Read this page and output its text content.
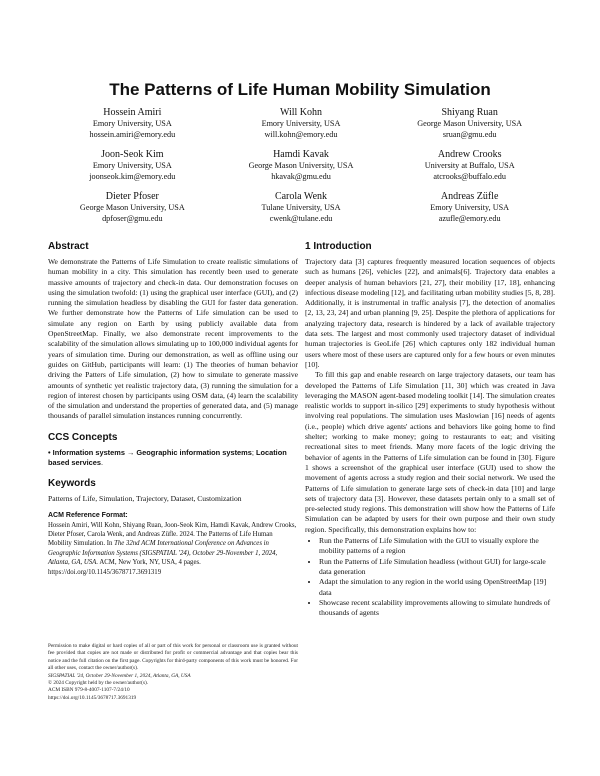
The Patterns of Life Human Mobility Simulation
Hossein Amiri
Emory University, USA
hossein.amiri@emory.edu
Will Kohn
Emory University, USA
will.kohn@emory.edu
Shiyang Ruan
George Mason University, USA
sruan@gmu.edu
Joon-Seok Kim
Emory University, USA
joonseok.kim@emory.edu
Hamdi Kavak
George Mason University, USA
hkavak@gmu.edu
Andrew Crooks
University at Buffalo, USA
atcrooks@buffalo.edu
Dieter Pfoser
George Mason University, USA
dpfoser@gmu.edu
Carola Wenk
Tulane University, USA
cwenk@tulane.edu
Andreas Züfle
Emory University, USA
azufle@emory.edu
Abstract

We demonstrate the Patterns of Life Simulation to create realistic simulations of human mobility in a city. This simulation has recently been used to generate massive amounts of trajectory and check-in data. Our demonstration focuses on using the simulation twofold: (1) using the graphical user interface (GUI), and (2) running the simulation headless by disabling the GUI for faster data generation. We further demonstrate how the Patterns of Life simulation can be used to simulate any region on Earth by using publicly available data from OpenStreetMap. Finally, we also demonstrate recent improvements to the scalability of the simulation allows simulating up to 100,000 individual agents for years of simulation time. During our demonstration, as well as offline using our guides on GitHub, participants will learn: (1) The theories of human behavior driving the Patters of Life simulation, (2) how to simulate to generate massive amounts of synthetic yet realistic trajectory data, (3) running the simulation for a region of interest chosen by participants using OSM data, (4) learn the scalability of the simulation and understand the properties of generated data, and (5) manage thousands of parallel simulation instances running concurrently.

CCS Concepts
• Information systems → Geographic information systems; Location based services.
Keywords

Patterns of Life, Simulation, Trajectory, Dataset, Customization

ACM Reference Format:
Hossein Amiri, Will Kohn, Shiyang Ruan, Joon-Seok Kim, Hamdi Kavak, Andrew Crooks, Dieter Pfoser, Carola Wenk, and Andreas Züfle. 2024. The Patterns of Life Human Mobility Simulation. In The 32nd ACM International Conference on Advances in Geographic Information Systems (SIGSPATIAL '24), October 29-November 1, 2024, Atlanta, GA, USA. ACM, New York, NY, USA, 4 pages. https://doi.org/10.1145/3678717.3691319

Permission to make digital or hard copies of all or part of this work for personal or classroom use is granted without fee provided that copies are not made or distributed for profit or commercial advantage and that copies bear this notice and the full citation on the first page. Copyrights for third-party components of this work must be honored. For all other uses, contact the owner/author(s).

SIGSPATIAL '24, October 29-November 1, 2024, Atlanta, GA, USA
© 2024 Copyright held by the owner/author(s).
ACM ISBN 979-8-4007-1107-7/24/10
https://doi.org/10.1145/3678717.3691319
1 Introduction

Trajectory data [3] captures frequently measured location sequences of objects such as humans [26], vehicles [22], and animals[6]. Trajectory data enables a deeper analysis of human behaviors [21, 27], their mobility [17, 18], enhancing infectious disease modeling [12], and facilitating urban mobility studies [5, 8, 28]. Additionally, it is instrumental in traffic analysis [7], the detection of anomalies [2, 13, 23, 24] and urban planning [9, 25]. Despite the plethora of applications for analyzing trajectory data, research is hindered by a lack of available trajectory data sets. The largest and most commonly used trajectory dataset of individual human trajectories is GeoLife [26] which captures only 182 individual human users where most of these users are captured only for a few hours or even minutes [10].

To fill this gap and enable research on large trajectory datasets, our team has developed the Patterns of Life Simulation [11, 30] which was created in Java leveraging the MASON agent-based modeling toolkit [14]. The simulation creates realistic worlds to support in-silico [29] experiments to study hypothesis without involving real populations. The simulation uses Maslowian [16] needs of agents (i.e., people) which drive agents' actions and behaviors like going home to find shelter; working to make money; going to restaurants to eat; and visiting recreational sites to meet friends. Many more facets of the logic driving the behavior of agents in the Patterns of Life simulation can be found in [30]. Figure 1 shows a screenshot of the graphical user interface (GUI) used to show the movement of agents across a study region and their social network. We used the Patterns of Life simulation to generate large sets of check-in data [10] and large sets of trajectory data [3]. However, these datasets pertain only to a small set of pre-selected study regions. This demonstration will show how the Patterns of Life Simulation can be adapted by users for their own purpose and their own study region. Specifically, this demonstration explains how to:

• Run the Patterns of Life Simulation with the GUI to visually explore the mobility patterns of a region
• Run the Patterns of Life Simulation headless (without GUI) for large-scale data generation
• Adapt the simulation to any region in the world using OpenStreetMap [19] data
• Showcase recent scalability improvements allowing to simulate hundreds of thousands of agents
